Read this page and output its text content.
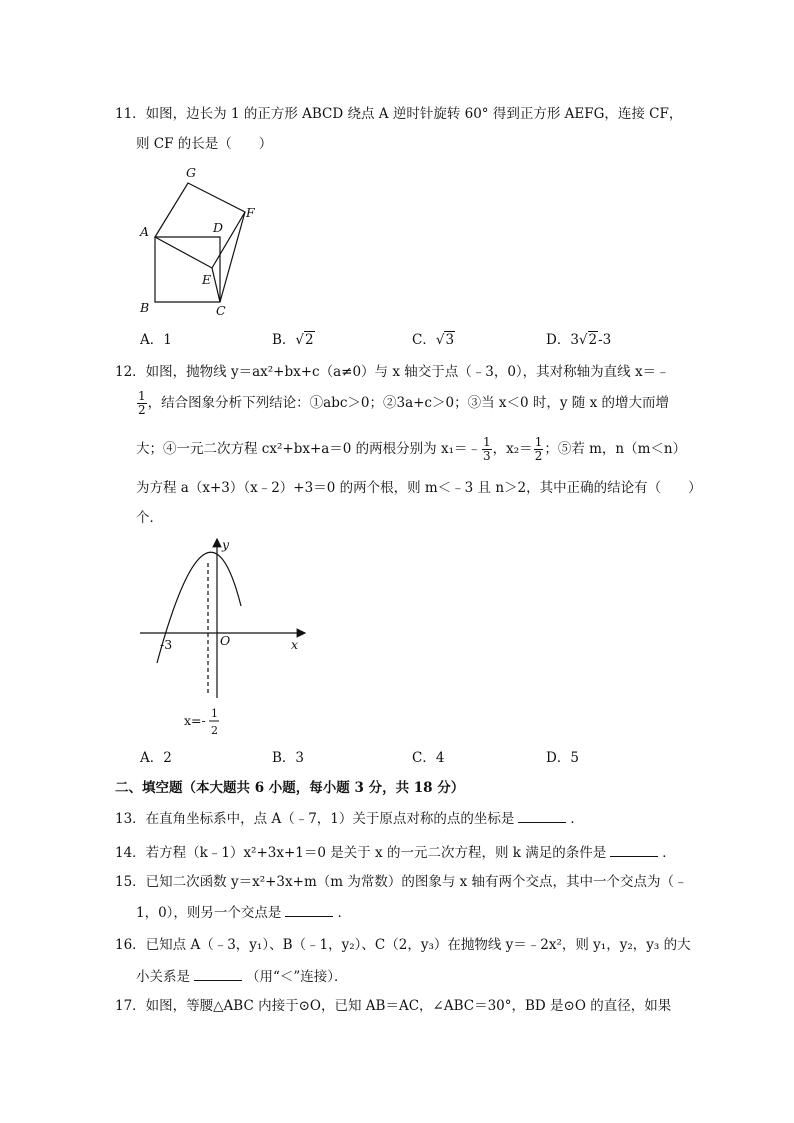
11．如图，边长为 1 的正方形 ABCD 绕点 A 逆时针旋转 60° 得到正方形 AEFG，连接 CF，
则 CF 的长是（　　）
G
A	D
F
E
B	C
A．1	B．√2	C．√3	D．3√2-3
12．如图，抛物线 y＝ax²+bx+c（a≠0）与 x 轴交于点（﹣3，0），其对称轴为直线 x＝﹣
$\frac{1}{2}$ ，结合图象分析下列结论：①abc＞0；②3a+c＞0；③当 x＜0 时，y 随 x 的增大而增
大；④一元二次方程 cx²+bx+a＝0 的两根分别为 x₁＝﹣ $\frac{1}{3}$ ，$x_2= \frac{1}{2}$ ；⑤若 m，n（m＜n）
为方程 a（x+3）（x﹣2）+3＝0 的两个根，则 m＜﹣3 且 n＞2，其中正确的结论有（　　）
个．
y
x
O
-3
x=- 1
2
A．2	B．3	C．4	D．5
二、填空题（本大题共 6 小题，每小题 3 分，共 18 分）
13．在直角坐标系中，点 A（﹣7，1）关于原点对称的点的坐标是	．
14．若方程（k﹣1）x²+3x+1＝0 是关于 x 的一元二次方程，则 k 满足的条件是	．
15．已知二次函数 y＝x²+3x+m（m 为常数）的图象与 x 轴有两个交点，其中一个交点为（﹣
1，0），则另一个交点是	．
16．已知点 A（﹣3，y₁）、B（﹣1，y₂）、C（2，y₃）在抛物线 y＝﹣2x²，则 y₁，y₂，y₃ 的大
小关系是	（用“＜”连接）．
17．如图，等腰△ABC 内接于⊙O，已知 AB＝AC，∠ABC＝30°，BD 是⊙O 的直径，如果
